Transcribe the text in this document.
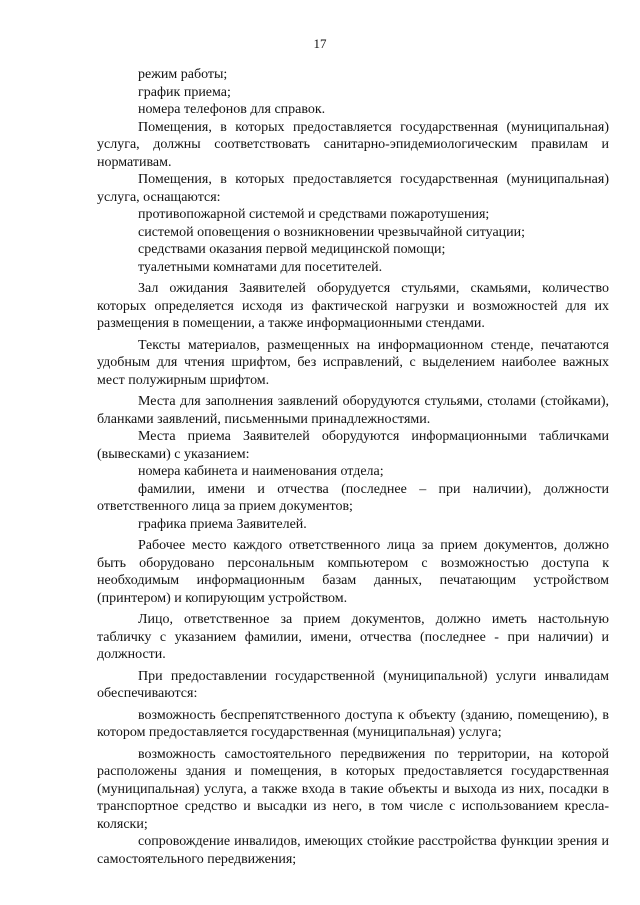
17

режим работы;

график приема;

номера телефонов для справок.

Помещения, в которых предоставляется государственная (муниципальная) услуга, должны соответствовать санитарно-эпидемиологическим правилам и нормативам.

Помещения, в которых предоставляется государственная (муниципальная) услуга, оснащаются:

противопожарной системой и средствами пожаротушения;

системой оповещения о возникновении чрезвычайной ситуации;

средствами оказания первой медицинской помощи;

туалетными комнатами для посетителей.

Зал ожидания Заявителей оборудуется стульями, скамьями, количество которых определяется исходя из фактической нагрузки и возможностей для их размещения в помещении, а также информационными стендами.

Тексты материалов, размещенных на информационном стенде, печатаются удобным для чтения шрифтом, без исправлений, с выделением наиболее важных мест полужирным шрифтом.

Места для заполнения заявлений оборудуются стульями, столами (стойками), бланками заявлений, письменными принадлежностями.

Места приема Заявителей оборудуются информационными табличками (вывесками) с указанием:

номера кабинета и наименования отдела;

фамилии, имени и отчества (последнее – при наличии), должности ответственного лица за прием документов;

графика приема Заявителей.

Рабочее место каждого ответственного лица за прием документов, должно быть оборудовано персональным компьютером с возможностью доступа к необходимым информационным базам данных, печатающим устройством (принтером) и копирующим устройством.

Лицо, ответственное за прием документов, должно иметь настольную табличку с указанием фамилии, имени, отчества (последнее - при наличии) и должности.

При предоставлении государственной (муниципальной) услуги инвалидам обеспечиваются:

возможность беспрепятственного доступа к объекту (зданию, помещению), в котором предоставляется государственная (муниципальная) услуга;

возможность самостоятельного передвижения по территории, на которой расположены здания и помещения, в которых предоставляется государственная (муниципальная) услуга, а также входа в такие объекты и выхода из них, посадки в транспортное средство и высадки из него, в том числе с использованием кресла-коляски;

сопровождение инвалидов, имеющих стойкие расстройства функции зрения и самостоятельного передвижения;
